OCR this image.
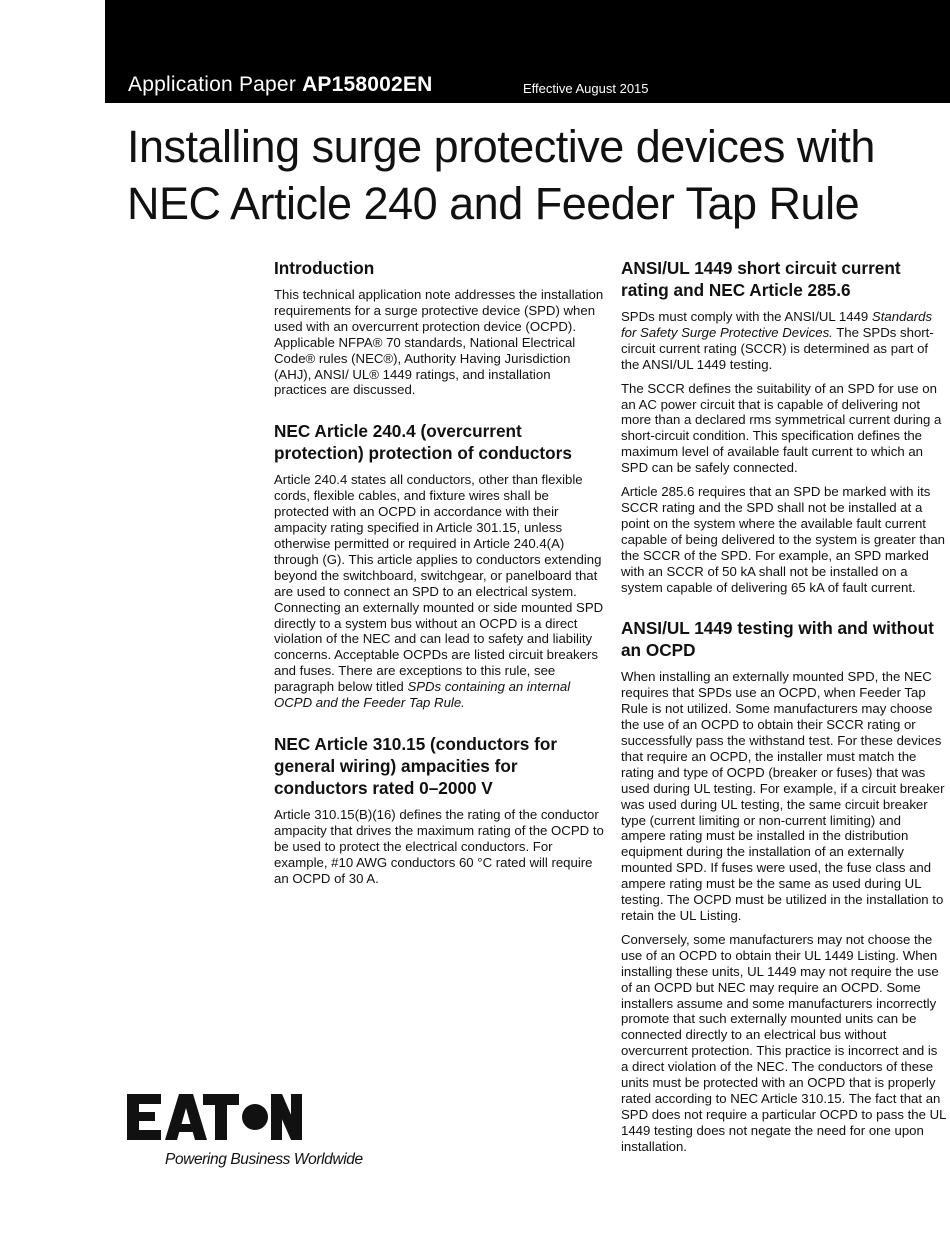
Application Paper AP158002EN	Effective August 2015
Installing surge protective devices with NEC Article 240 and Feeder Tap Rule
Introduction

This technical application note addresses the installation requirements for a surge protective device (SPD) when used with an overcurrent protection device (OCPD). Applicable NFPA® 70 standards, National Electrical Code® rules (NEC®), Authority Having Jurisdiction (AHJ), ANSI/ UL® 1449 ratings, and installation practices are discussed.

NEC Article 240.4 (overcurrent protection) protection of conductors

Article 240.4 states all conductors, other than flexible cords, flexible cables, and fixture wires shall be protected with an OCPD in accordance with their ampacity rating specified in Article 301.15, unless otherwise permitted or required in Article 240.4(A) through (G). This article applies to conductors extending beyond the switchboard, switchgear, or panelboard that are used to connect an SPD to an electrical system. Connecting an externally mounted or side mounted SPD directly to a system bus without an OCPD is a direct violation of the NEC and can lead to safety and liability concerns. Acceptable OCPDs are listed circuit breakers and fuses. There are exceptions to this rule, see paragraph below titled SPDs containing an internal OCPD and the Feeder Tap Rule.

NEC Article 310.15 (conductors for general wiring) ampacities for conductors rated 0–2000 V

Article 310.15(B)(16) defines the rating of the conductor ampacity that drives the maximum rating of the OCPD to be used to protect the electrical conductors. For example, #10 AWG conductors 60 °C rated will require an OCPD of 30 A.

ANSI/UL 1449 short circuit current rating and NEC Article 285.6

SPDs must comply with the ANSI/UL 1449 Standards for Safety Surge Protective Devices. The SPDs short-circuit current rating (SCCR) is determined as part of the ANSI/UL 1449 testing.

The SCCR defines the suitability of an SPD for use on an AC power circuit that is capable of delivering not more than a declared rms symmetrical current during a short-circuit condition. This specification defines the maximum level of available fault current to which an SPD can be safely connected.

Article 285.6 requires that an SPD be marked with its SCCR rating and the SPD shall not be installed at a point on the system where the available fault current capable of being delivered to the system is greater than the SCCR of the SPD. For example, an SPD marked with an SCCR of 50 kA shall not be installed on a system capable of delivering 65 kA of fault current.

ANSI/UL 1449 testing with and without an OCPD

When installing an externally mounted SPD, the NEC requires that SPDs use an OCPD, when Feeder Tap Rule is not utilized. Some manufacturers may choose the use of an OCPD to obtain their SCCR rating or successfully pass the withstand test. For these devices that require an OCPD, the installer must match the rating and type of OCPD (breaker or fuses) that was used during UL testing. For example, if a circuit breaker was used during UL testing, the same circuit breaker type (current limiting or non-current limiting) and ampere rating must be installed in the distribution equipment during the installation of an externally mounted SPD. If fuses were used, the fuse class and ampere rating must be the same as used during UL testing. The OCPD must be utilized in the installation to retain the UL Listing.

Conversely, some manufacturers may not choose the use of an OCPD to obtain their UL 1449 Listing. When installing these units, UL 1449 may not require the use of an OCPD but NEC may require an OCPD. Some installers assume and some manufacturers incorrectly promote that such externally mounted units can be connected directly to an electrical bus without overcurrent protection. This practice is incorrect and is a direct violation of the NEC. The conductors of these units must be protected with an OCPD that is properly rated according to NEC Article 310.15. The fact that an SPD does not require a particular OCPD to pass the UL 1449 testing does not negate the need for one upon installation.

Powering Business Worldwide
